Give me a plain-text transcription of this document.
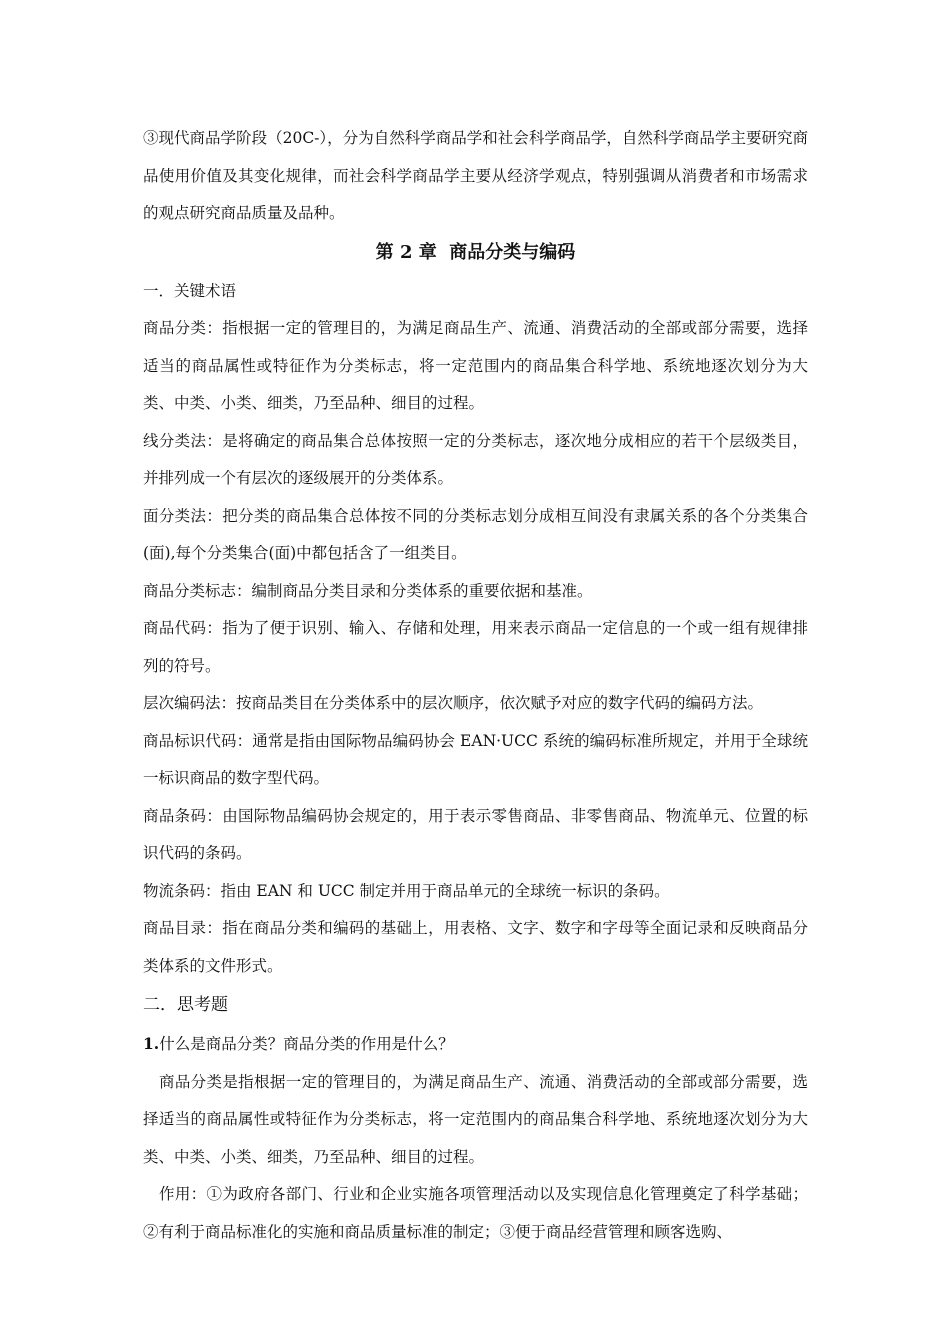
③现代商品学阶段（20C-），分为自然科学商品学和社会科学商品学，自然科学商品学主要研究商品使用价值及其变化规律，而社会科学商品学主要从经济学观点，特别强调从消费者和市场需求的观点研究商品质量及品种。

第 2 章  商品分类与编码

一．关键术语

商品分类：指根据一定的管理目的，为满足商品生产、流通、消费活动的全部或部分需要，选择适当的商品属性或特征作为分类标志，将一定范围内的商品集合科学地、系统地逐次划分为大类、中类、小类、细类，乃至品种、细目的过程。

线分类法：是将确定的商品集合总体按照一定的分类标志，逐次地分成相应的若干个层级类目，并排列成一个有层次的逐级展开的分类体系。

面分类法：把分类的商品集合总体按不同的分类标志划分成相互间没有隶属关系的各个分类集合(面),每个分类集合(面)中都包括含了一组类目。

商品分类标志：编制商品分类目录和分类体系的重要依据和基准。

商品代码：指为了便于识别、输入、存储和处理，用来表示商品一定信息的一个或一组有规律排列的符号。

层次编码法：按商品类目在分类体系中的层次顺序，依次赋予对应的数字代码的编码方法。

商品标识代码：通常是指由国际物品编码协会 EAN·UCC 系统的编码标准所规定，并用于全球统一标识商品的数字型代码。

商品条码：由国际物品编码协会规定的，用于表示零售商品、非零售商品、物流单元、位置的标识代码的条码。

物流条码：指由 EAN 和 UCC 制定并用于商品单元的全球统一标识的条码。

商品目录：指在商品分类和编码的基础上，用表格、文字、数字和字母等全面记录和反映商品分类体系的文件形式。

二．思考题

1.什么是商品分类？商品分类的作用是什么？

商品分类是指根据一定的管理目的，为满足商品生产、流通、消费活动的全部或部分需要，选择适当的商品属性或特征作为分类标志，将一定范围内的商品集合科学地、系统地逐次划分为大类、中类、小类、细类，乃至品种、细目的过程。

作用：①为政府各部门、行业和企业实施各项管理活动以及实现信息化管理奠定了科学基础；②有利于商品标准化的实施和商品质量标准的制定；③便于商品经营管理和顾客选购、
